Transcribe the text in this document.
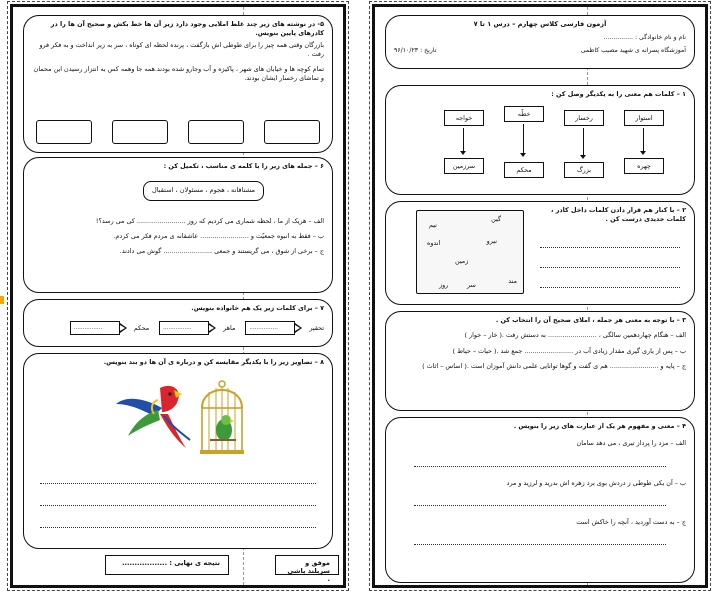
۵- در نوشته های زیر چند غلط املایی وجود دارد زیر آن ها خط بکش و صحیح آن ها را در کادرهای پایین بنویس.
بازرگان وقتی همه چیز را برای طوطی اش بازگفت ، پرنده لحظه ای کوتاه ، سر به زیر انداخت و به فکر فرو رفت .
تمام کوچه ها و خیابان های شهر ، پاکیزه و آب وجارو شده بودند.همه جا وهمه کس به انتزار رسیدن این محمان و تماشای رخسار ایشان بودند.
۶ – جمله های زیر را با کلمه ی مناسب ، تکمیل کن :
مشتاقانه ، هجوم ، مسئولان ، استقبال
الف – هریک از ما ، لحظه شماری می کردیم که روز ........................ کی می رسد؟!
ب – فقط به انبوه جمعیّت و ........................ عاشقانه ی مردم فکر می کردم.
ج – برخی از شوق ، می گریستند و جمعی ........................ گوش می دادند.
۷ – برای کلمات زیر یک هم خانواده بنویس.
................	محکم	................	ماهر	................	تحقیر
۸ – تصاویر زیر را با یکدیگر مقایسه کن و درباره ی آن ها دو بند بنویس.
نتیجه ی نهایی : ..................	موفق و سربلند باشی .
آزمون فارسی کلاس چهارم – درس ۱ تا ۷
نام و نام خانوادگی : ...............
آموزشگاه پسرانه ی شهید مصیب کاظمی
تاریخ : ۹۶/۱۰/۲۳
۱ – کلمات هم معنی را به یکدیگر وصل کن :
استوار
رخسار
خطّه
خواجه
چهره
بزرگ
محکم
سرزمین
۲ – با کنار هم قرار دادن کلمات داخل کادر ، کلمات جدیدی درست کن .
گین
نیم
نیرو
اندوه
زمین
مند
سر
روز
۳ – با توجه به معنی هر جمله ، املای صحیح آن را انتخاب کن .
الف – هنگام چهاردهمین سالگی ، ........................ به دستش رفت .( خار – خوار )
ب – پس از یاری گیری مقدار زیادی آب در ........................ جمع شد .( حیات – حیاط )
ج – پایه و ........................ هم ی گفت و گوها توانایی علمی دانش آموزان است .( اساس – اثاث )
۴ – معنی و مفهوم هر یک از عبارت های زیر را بنویس .
الف – مزد را پرداز تیری ، می دهد سامان
ب – آن یکی طوطی ز دردش بوی برد زهره اش بدرید و لرزید و مرد
ج – به دست آوردید ، آنچه را خاکش است
